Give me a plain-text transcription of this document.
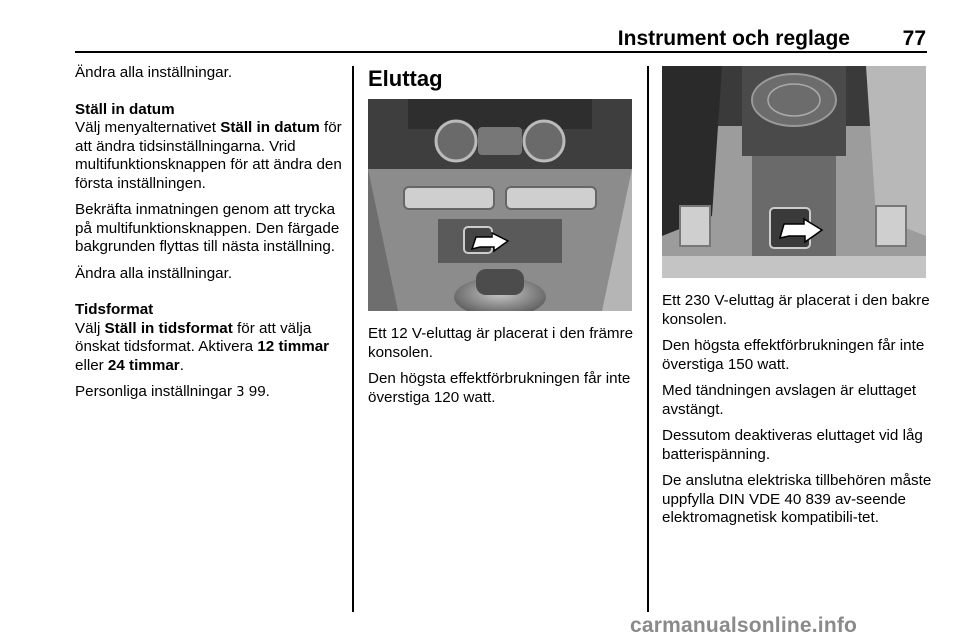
Instrument och reglage	77

Ändra alla inställningar.

Ställ in datum

Välj menyalternativet Ställ in datum för att ändra tidsinställningarna. Vrid multifunktionsknappen för att ändra den första inställningen.

Bekräfta inmatningen genom att trycka på multifunktionsknappen. Den färgade bakgrunden flyttas till nästa inställning.

Ändra alla inställningar.

Tidsformat

Välj Ställ in tidsformat för att välja önskat tidsformat. Aktivera 12 timmar eller 24 timmar.

Personliga inställningar 3 99.

Eluttag

Ett 12 V-eluttag är placerat i den främre konsolen.

Den högsta effektförbrukningen får inte överstiga 120 watt.

Ett 230 V-eluttag är placerat i den bakre konsolen.

Den högsta effektförbrukningen får inte överstiga 150 watt.

Med tändningen avslagen är eluttaget avstängt.

Dessutom deaktiveras eluttaget vid låg batterispänning.

De anslutna elektriska tillbehören måste uppfylla DIN VDE 40 839 av-seende elektromagnetisk kompatibili-tet.

carmanualsonline.info
